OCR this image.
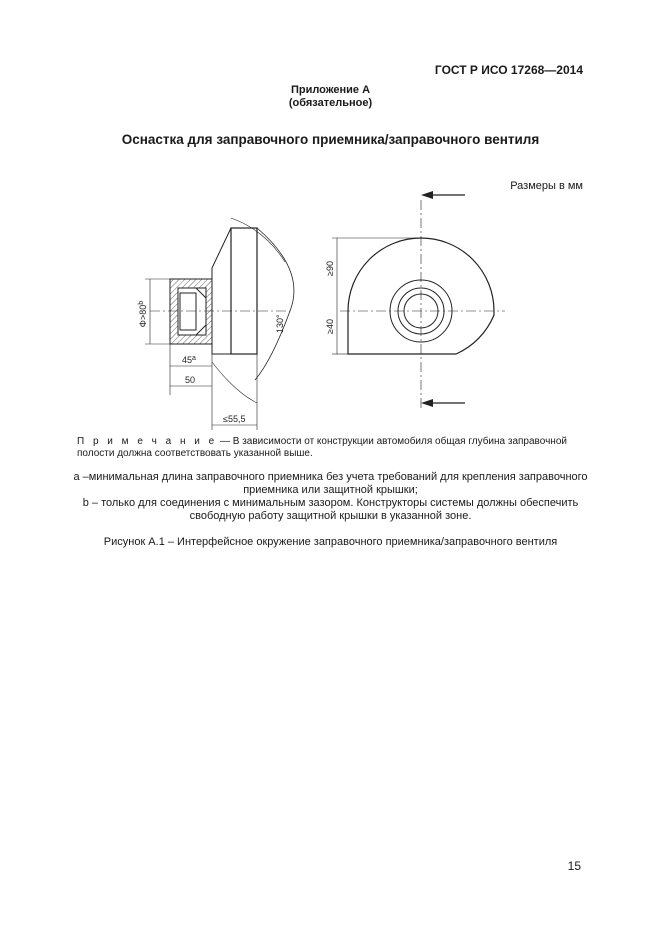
ГОСТ Р ИСО 17268—2014
Приложение А
(обязательное)
Оснастка для заправочного приемника/заправочного вентиля
Размеры в мм
$\Phi>80^b$
45$^a$
50
≤55,5
130°
≥90
≥40
П р и м е ч а н и е — В зависимости от конструкции автомобиля общая глубина заправочной полости должна соответствовать указанной выше.
a –минимальная длина заправочного приемника без учета требований для крепления заправочного
приемника или защитной крышки;
b – только для соединения с минимальным зазором. Конструкторы системы должны обеспечить
свободную работу защитной крышки в указанной зоне.
Рисунок А.1 – Интерфейсное окружение заправочного приемника/заправочного вентиля
15
